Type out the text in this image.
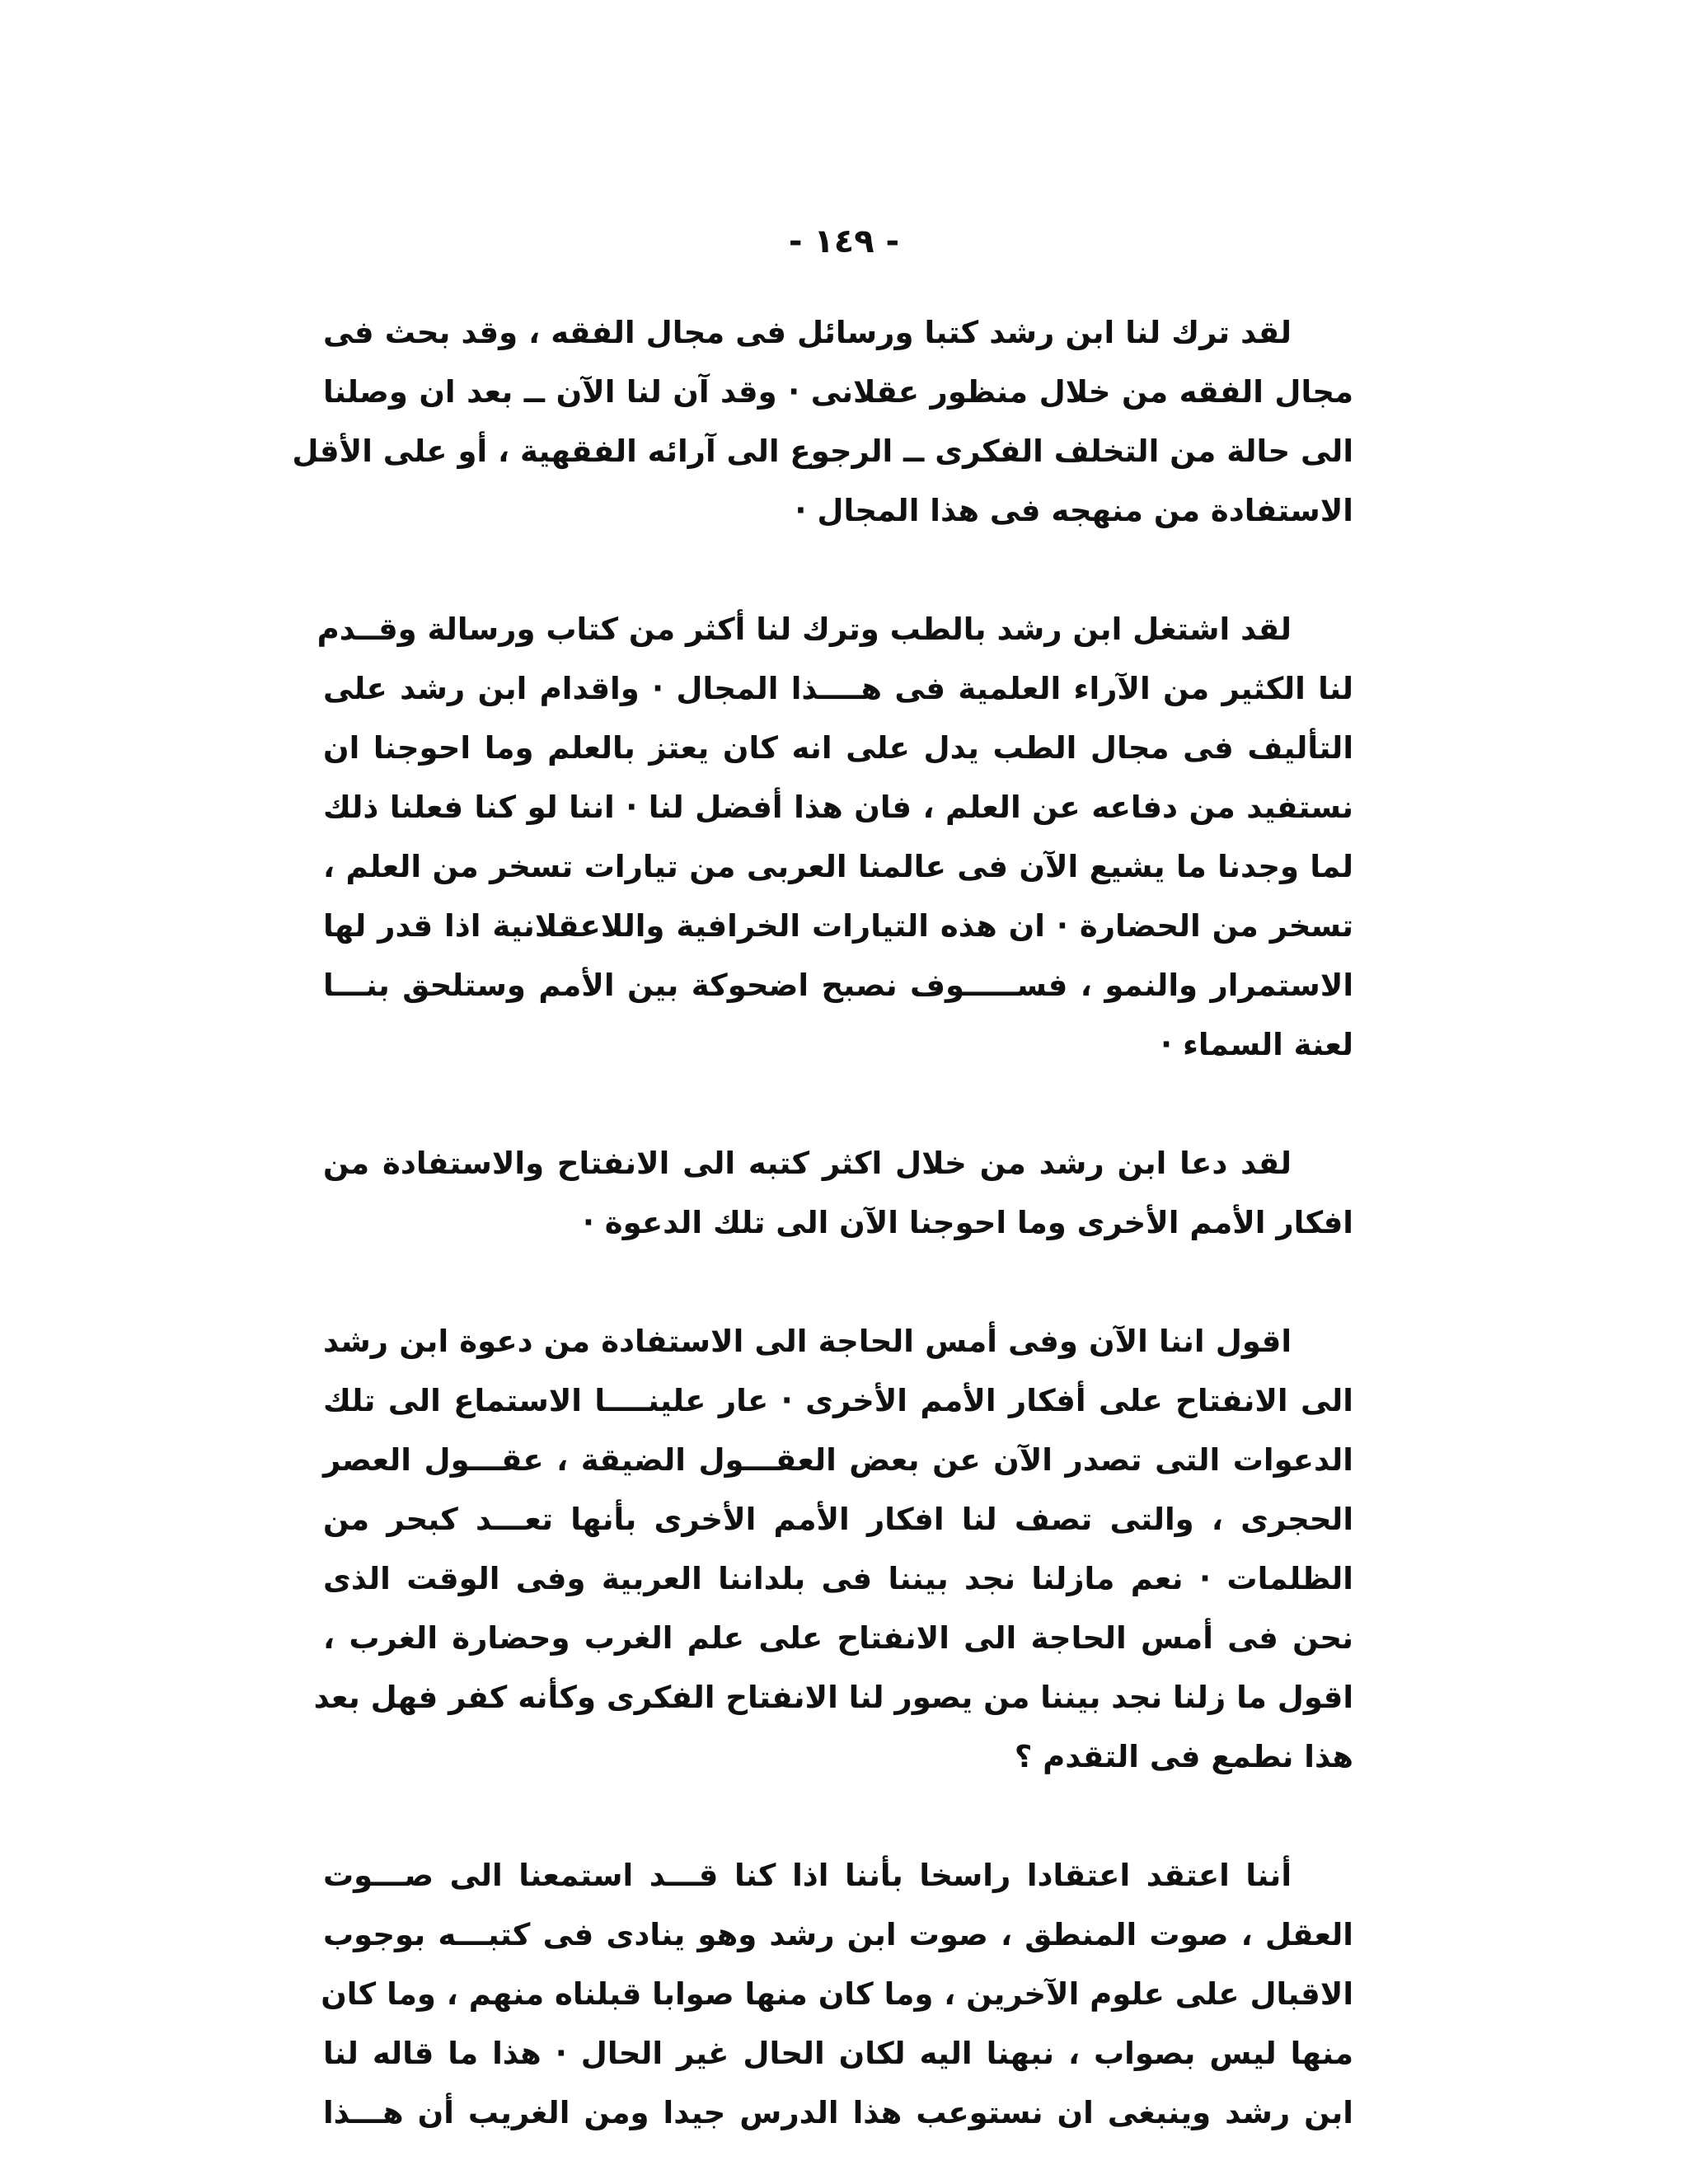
- ١٤٩ -
لقد ترك لنا ابن رشد كتبا ورسائل فى مجال الفقه ، وقد بحث فى
مجال الفقه من خلال منظور عقلانى · وقد آن لنا الآن ــ بعد ان وصلنا
الى حالة من التخلف الفكرى ــ الرجوع الى آرائه الفقهية ، أو على الأقل
الاستفادة من منهجه فى هذا المجال ·
لقد اشتغل ابن رشد بالطب وترك لنا أكثر من كتاب ورسالة وقــدم
لنا الكثير من الآراء العلمية فى هــــذا المجال · واقدام ابن رشد على
التأليف فى مجال الطب يدل على انه كان يعتز بالعلم وما احوجنا ان
نستفيد من دفاعه عن العلم ، فان هذا أفضل لنا · اننا لو كنا فعلنا ذلك
لما وجدنا ما يشيع الآن فى عالمنا العربى من تيارات تسخر من العلم ،
تسخر من الحضارة · ان هذه التيارات الخرافية واللاعقلانية اذا قدر لها
الاستمرار والنمو ، فســـــوف نصبح اضحوكة بين الأمم وستلحق بنـــا
لعنة السماء ·
لقد دعا ابن رشد من خلال اكثر كتبه الى الانفتاح والاستفادة من
افكار الأمم الأخرى وما احوجنا الآن الى تلك الدعوة ·
اقول اننا الآن وفى أمس الحاجة الى الاستفادة من دعوة ابن رشد
الى الانفتاح على أفكار الأمم الأخرى · عار علينــــا الاستماع الى تلك
الدعوات التى تصدر الآن عن بعض العقـــول الضيقة ، عقـــول العصر
الحجرى ، والتى تصف لنا افكار الأمم الأخرى بأنها تعـــد كبحر من
الظلمات · نعم مازلنا نجد بيننا فى بلداننا العربية وفى الوقت الذى
نحن فى أمس الحاجة الى الانفتاح على علم الغرب وحضارة الغرب ،
اقول ما زلنا نجد بيننا من يصور لنا الانفتاح الفكرى وكأنه كفر فهل بعد
هذا نطمع فى التقدم ؟
أننا اعتقد اعتقادا راسخا بأننا اذا كنا قـــد استمعنا الى صـــوت
العقل ، صوت المنطق ، صوت ابن رشد وهو ينادى فى كتبـــه بوجوب
الاقبال على علوم الآخرين ، وما كان منها صوابا قبلناه منهم ، وما كان
منها ليس بصواب ، نبهنا اليه لكان الحال غير الحال · هذا ما قاله لنا
ابن رشد وينبغى ان نستوعب هذا الدرس جيدا ومن الغريب أن هـــذا
